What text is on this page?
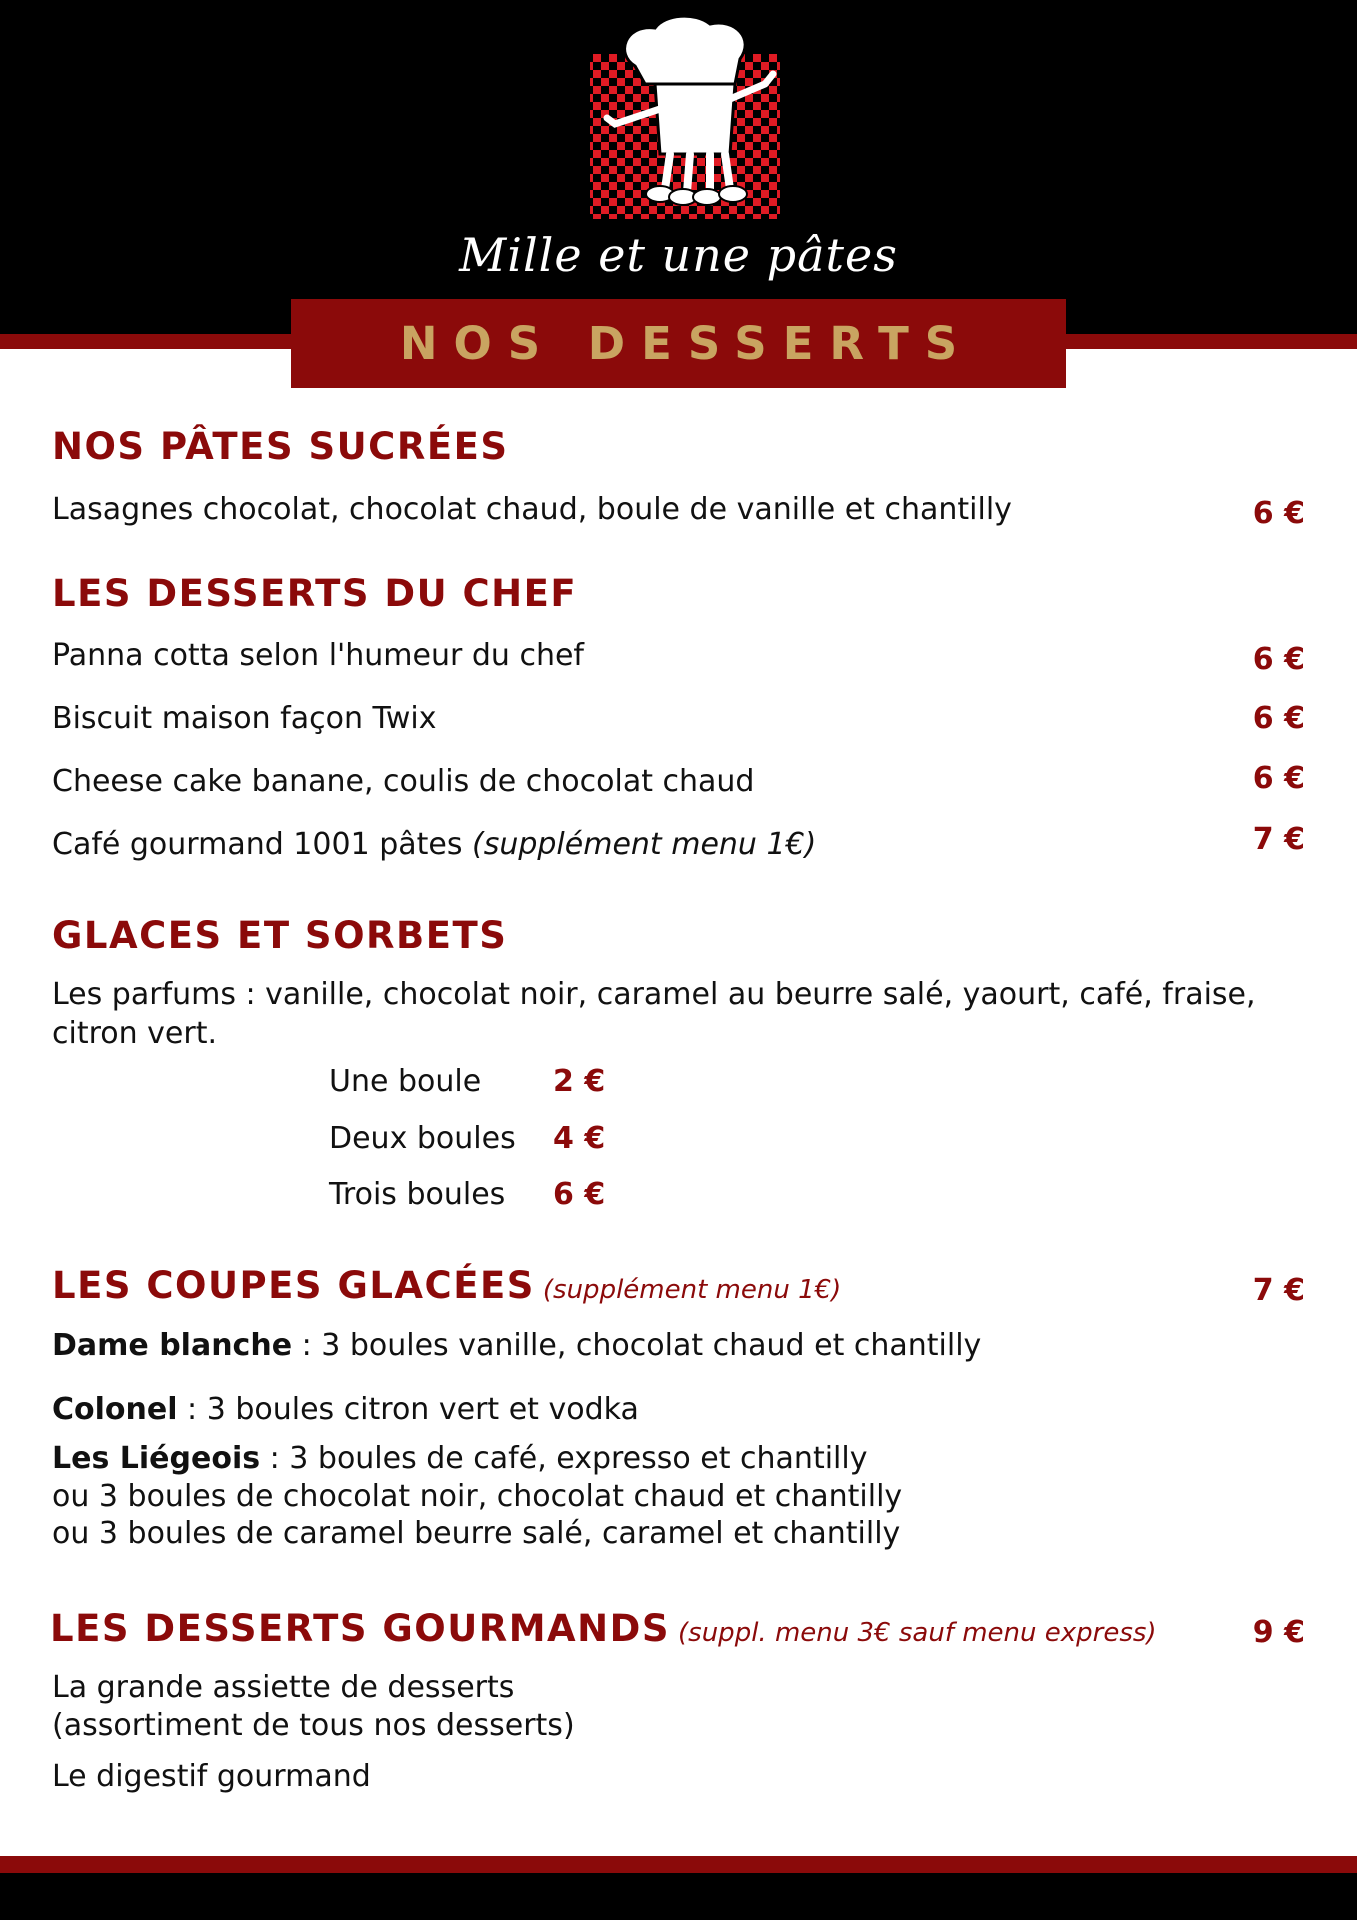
Mille et une pâtes
NOS DESSERTS
NOS PÂTES SUCRÉES
Lasagnes chocolat, chocolat chaud, boule de vanille et chantilly	6 €
LES DESSERTS DU CHEF
Panna cotta selon l'humeur du chef	6 €
Biscuit maison façon Twix	6 €
Cheese cake banane, coulis de chocolat chaud	6 €
Café gourmand 1001 pâtes (supplément menu 1€)	7 €
GLACES ET SORBETS
Les parfums : vanille, chocolat noir, caramel au beurre salé, yaourt, café, fraise, citron vert.
Une boule 2 €
Deux boules 4 €
Trois boules 6 €
LES COUPES GLACÉES (supplément menu 1€)	7 €
Dame blanche : 3 boules vanille, chocolat chaud et chantilly
Colonel : 3 boules citron vert et vodka
Les Liégeois : 3 boules de café, expresso et chantilly
ou 3 boules de chocolat noir, chocolat chaud et chantilly
ou 3 boules de caramel beurre salé, caramel et chantilly
LES DESSERTS GOURMANDS (suppl. menu 3€ sauf menu express)	9 €
La grande assiette de desserts
(assortiment de tous nos desserts)
Le digestif gourmand
